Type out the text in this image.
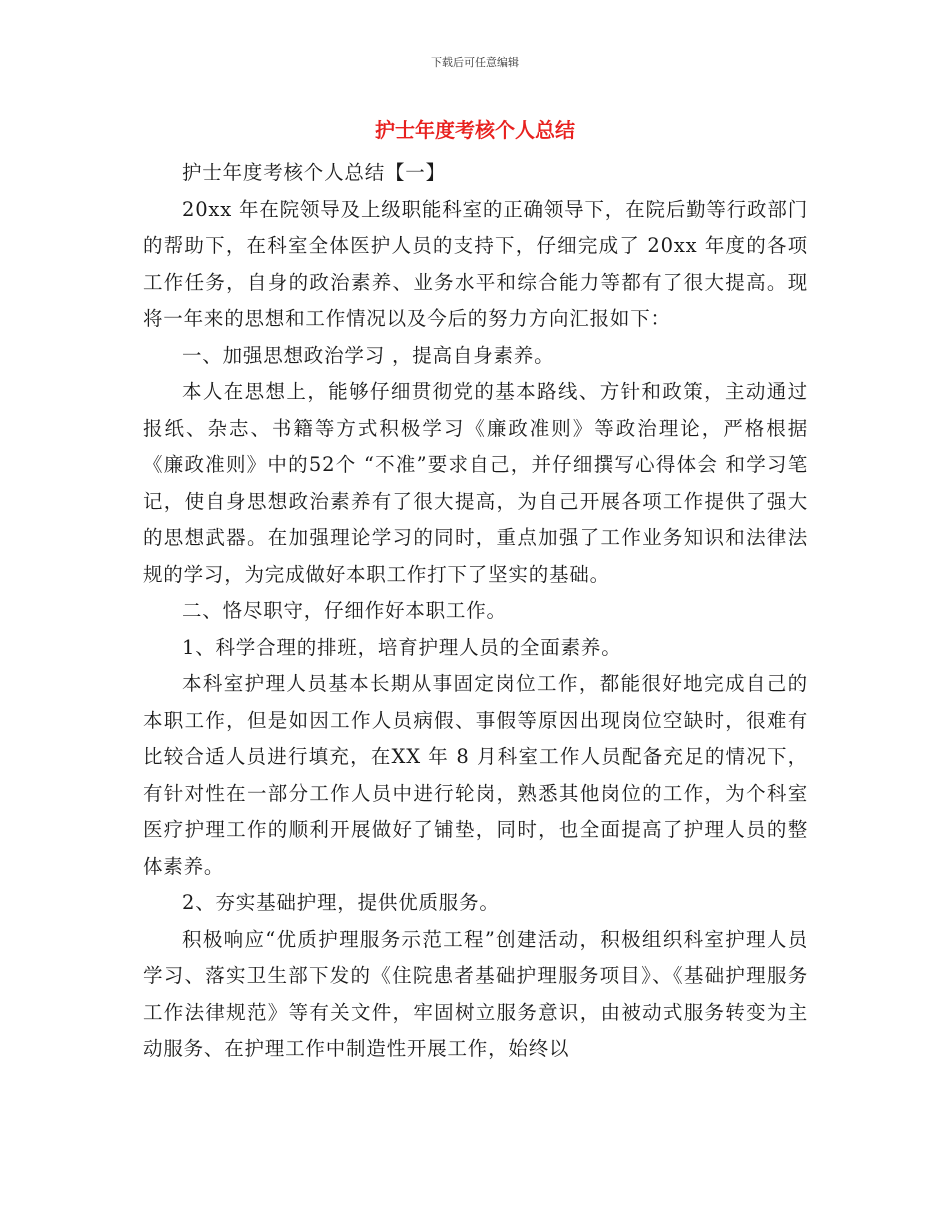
下载后可任意编辑
护士年度考核个人总结

护士年度考核个人总结【一】

20xx 年在院领导及上级职能科室的正确领导下，在院后勤等行政部门的帮助下，在科室全体医护人员的支持下，仔细完成了 20xx 年度的各项工作任务，自身的政治素养、业务水平和综合能力等都有了很大提高。现将一年来的思想和工作情况以及今后的努力方向汇报如下：

一、加强思想政治学习 ，提高自身素养。

本人在思想上，能够仔细贯彻党的基本路线、方针和政策，主动通过报纸、杂志、书籍等方式积极学习《廉政准则》等政治理论，严格根据《廉政准则》中的52个 “不准”要求自己，并仔细撰写心得体会 和学习笔记，使自身思想政治素养有了很大提高，为自己开展各项工作提供了强大的思想武器。在加强理论学习的同时，重点加强了工作业务知识和法律法规的学习，为完成做好本职工作打下了坚实的基础。

二、恪尽职守，仔细作好本职工作。

1、科学合理的排班，培育护理人员的全面素养。

本科室护理人员基本长期从事固定岗位工作，都能很好地完成自己的本职工作，但是如因工作人员病假、事假等原因出现岗位空缺时，很难有比较合适人员进行填充，在XX 年 8 月科室工作人员配备充足的情况下，有针对性在一部分工作人员中进行轮岗，熟悉其他岗位的工作，为个科室医疗护理工作的顺利开展做好了铺垫，同时，也全面提高了护理人员的整体素养。

2、夯实基础护理，提供优质服务。

积极响应“优质护理服务示范工程”创建活动，积极组织科室护理人员学习、落实卫生部下发的《住院患者基础护理服务项目》、《基础护理服务工作法律规范》等有关文件，牢固树立服务意识，由被动式服务转变为主动服务、在护理工作中制造性开展工作，始终以
